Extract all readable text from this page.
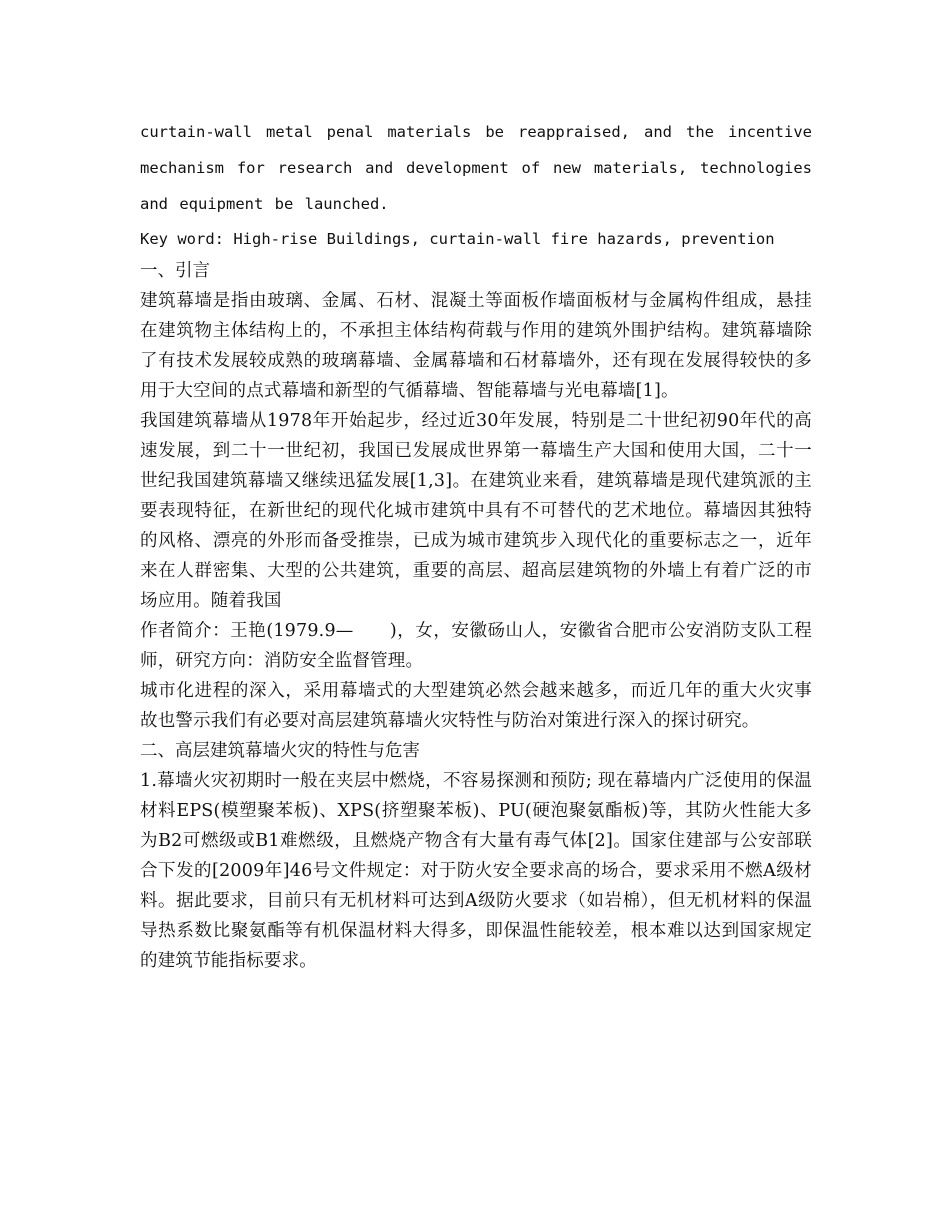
curtain-wall metal penal materials be reappraised, and the incentive mechanism for research and development of new materials, technologies and equipment be launched.

Key word: High-rise Buildings, curtain-wall fire hazards, prevention

一、引言

建筑幕墙是指由玻璃、金属、石材、混凝土等面板作墙面板材与金属构件组成，悬挂在建筑物主体结构上的，不承担主体结构荷载与作用的建筑外围护结构。建筑幕墙除了有技术发展较成熟的玻璃幕墙、金属幕墙和石材幕墙外，还有现在发展得较快的多用于大空间的点式幕墙和新型的气循幕墙、智能幕墙与光电幕墙[1]。

我国建筑幕墙从1978年开始起步，经过近30年发展，特别是二十世纪初90年代的高速发展，到二十一世纪初，我国已发展成世界第一幕墙生产大国和使用大国，二十一世纪我国建筑幕墙又继续迅猛发展[1,3]。在建筑业来看，建筑幕墙是现代建筑派的主要表现特征，在新世纪的现代化城市建筑中具有不可替代的艺术地位。幕墙因其独特的风格、漂亮的外形而备受推崇，已成为城市建筑步入现代化的重要标志之一，近年来在人群密集、大型的公共建筑，重要的高层、超高层建筑物的外墙上有着广泛的市场应用。随着我国

作者简介：王艳(1979.9—　　)，女，安徽砀山人，安徽省合肥市公安消防支队工程师，研究方向：消防安全监督管理。

城市化进程的深入，采用幕墙式的大型建筑必然会越来越多，而近几年的重大火灾事故也警示我们有必要对高层建筑幕墙火灾特性与防治对策进行深入的探讨研究。

二、高层建筑幕墙火灾的特性与危害

1.幕墙火灾初期时一般在夹层中燃烧，不容易探测和预防; 现在幕墙内广泛使用的保温材料EPS(模塑聚苯板)、XPS(挤塑聚苯板)、PU(硬泡聚氨酯板)等，其防火性能大多为B2可燃级或B1难燃级，且燃烧产物含有大量有毒气体[2]。国家住建部与公安部联合下发的[2009年]46号文件规定：对于防火安全要求高的场合，要求采用不燃A级材料。据此要求，目前只有无机材料可达到A级防火要求（如岩棉），但无机材料的保温导热系数比聚氨酯等有机保温材料大得多，即保温性能较差，根本难以达到国家规定的建筑节能指标要求。
